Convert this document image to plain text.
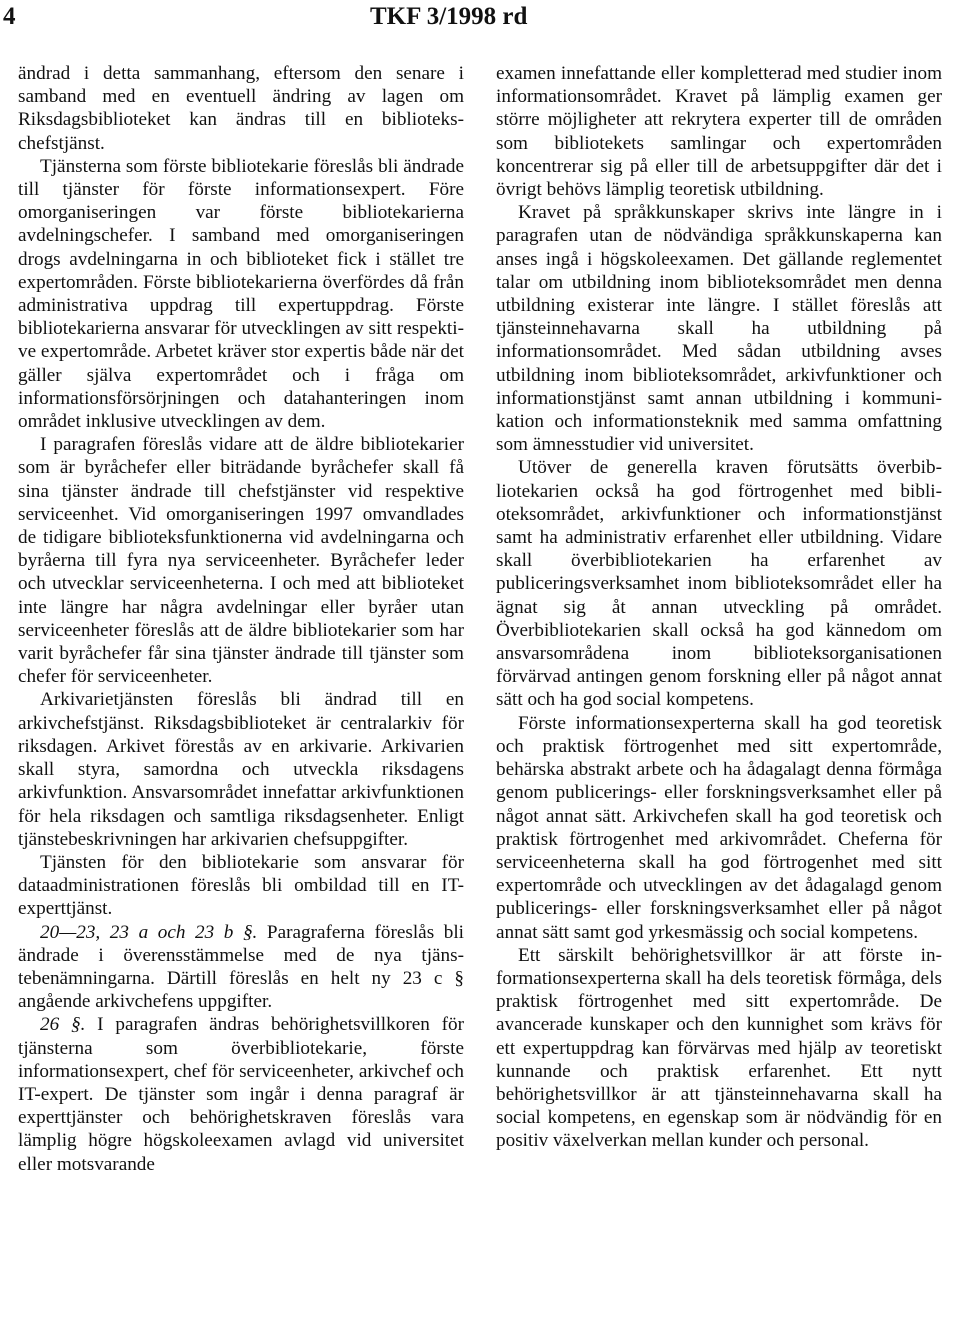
4	TKF 3/1998 rd

ändrad i detta sammanhang, eftersom den senare i samband med en eventuell ändring av lagen om Riksdagsbiblioteket kan ändras till en bibliotekschefstjänst.

Tjänsterna som förste bibliotekarie föreslås bli ändrade till tjänster för förste informationsexpert. Före omorganiseringen var förste bibliotekarierna avdelningschefer. I samband med omorganiseringen drogs avdelningarna in och biblioteket fick i stället tre expertområden. Förste bibliotekarierna överfördes då från administrativa uppdrag till expertuppdrag. Förste bibliotekarierna ansvarar för utvecklingen av sitt respektive expertområde. Arbetet kräver stor expertis både när det gäller själva expertområdet och i fråga om informationsförsörjningen och datahanteringen inom området inklusive utvecklingen av dem.

I paragrafen föreslås vidare att de äldre bibliotekarier som är byråchefer eller biträdande byråchefer skall få sina tjänster ändrade till chefstjänster vid respektive serviceenhet. Vid omorganiseringen 1997 omvandlades de tidigare biblioteksfunktionerna vid avdelningarna och byråerna till fyra nya serviceenheter. Byråchefer leder och utvecklar serviceenheterna. I och med att biblioteket inte längre har några avdelningar eller byråer utan serviceenheter föreslås att de äldre bibliotekarier som har varit byråchefer får sina tjänster ändrade till tjänster som chefer för serviceenheter.

Arkivarietjänsten föreslås bli ändrad till en arkivchefstjänst. Riksdagsbiblioteket är centralarkiv för riksdagen. Arkivet förestås av en arkivarie. Arkivarien skall styra, samordna och utveckla riksdagens arkivfunktion. Ansvarsområdet innefattar arkivfunktionen för hela riksdagen och samtliga riksdagsenheter. Enligt tjänstebeskrivningen har arkivarien chefsuppgifter.

Tjänsten för den bibliotekarie som ansvarar för dataadministrationen föreslås bli ombildad till en IT-experttjänst.

20—23, 23 a och 23 b §. Paragraferna föreslås bli ändrade i överensstämmelse med de nya tjänstebenämningarna. Därtill föreslås en helt ny 23 c § angående arkivchefens uppgifter.

26 §. I paragrafen ändras behörighetsvillkoren för tjänsterna som överbibliotekarie, förste informationsexpert, chef för serviceenheter, arkivchef och IT-expert. De tjänster som ingår i denna paragraf är experttjänster och behörighetskraven föreslås vara lämplig högre högskoleexamen avlagd vid universitet eller motsvarande

examen innefattande eller kompletterad med studier inom informationsområdet. Kravet på lämplig examen ger större möjligheter att rekrytera experter till de områden som bibliotekets samlingar och expertområden koncentrerar sig på eller till de arbetsuppgifter där det i övrigt behövs lämplig teoretisk utbildning.

Kravet på språkkunskaper skrivs inte längre in i paragrafen utan de nödvändiga språkkunskaperna kan anses ingå i högskoleexamen. Det gällande reglementet talar om utbildning inom biblioteksområdet men denna utbildning existerar inte längre. I stället föreslås att tjänsteinnehavarna skall ha utbildning på informationsområdet. Med sådan utbildning avses utbildning inom biblioteksområdet, arkivfunktioner och informationstjänst samt annan utbildning i kommunikation och informationsteknik med samma omfattning som ämnesstudier vid universitet.

Utöver de generella kraven förutsätts överbibliotekarien också ha god förtrogenhet med biblioteksområdet, arkivfunktioner och informationstjänst samt ha administrativ erfarenhet eller utbildning. Vidare skall överbibliotekarien ha erfarenhet av publiceringsverksamhet inom biblioteksområdet eller ha ägnat sig åt annan utveckling på området. Överbibliotekarien skall också ha god kännedom om ansvarsområdena inom biblioteksorganisationen förvärvad antingen genom forskning eller på något annat sätt och ha god social kompetens.

Förste informationsexperterna skall ha god teoretisk och praktisk förtrogenhet med sitt expertområde, behärska abstrakt arbete och ha ådagalagt denna förmåga genom publicerings- eller forskningsverksamhet eller på något annat sätt. Arkivchefen skall ha god teoretisk och praktisk förtrogenhet med arkivområdet. Cheferna för serviceenheterna skall ha god förtrogenhet med sitt expertområde och utvecklingen av det ådagalagd genom publicerings- eller forskningsverksamhet eller på något annat sätt samt god yrkesmässig och social kompetens.

Ett särskilt behörighetsvillkor är att förste informationsexperterna skall ha dels teoretisk förmåga, dels praktisk förtrogenhet med sitt expertområde. De avancerade kunskaper och den kunnighet som krävs för ett expertuppdrag kan förvärvas med hjälp av teoretiskt kunnande och praktisk erfarenhet. Ett nytt behörighetsvillkor är att tjänsteinnehavarna skall ha social kompetens, en egenskap som är nödvändig för en positiv växelverkan mellan kunder och personal.
